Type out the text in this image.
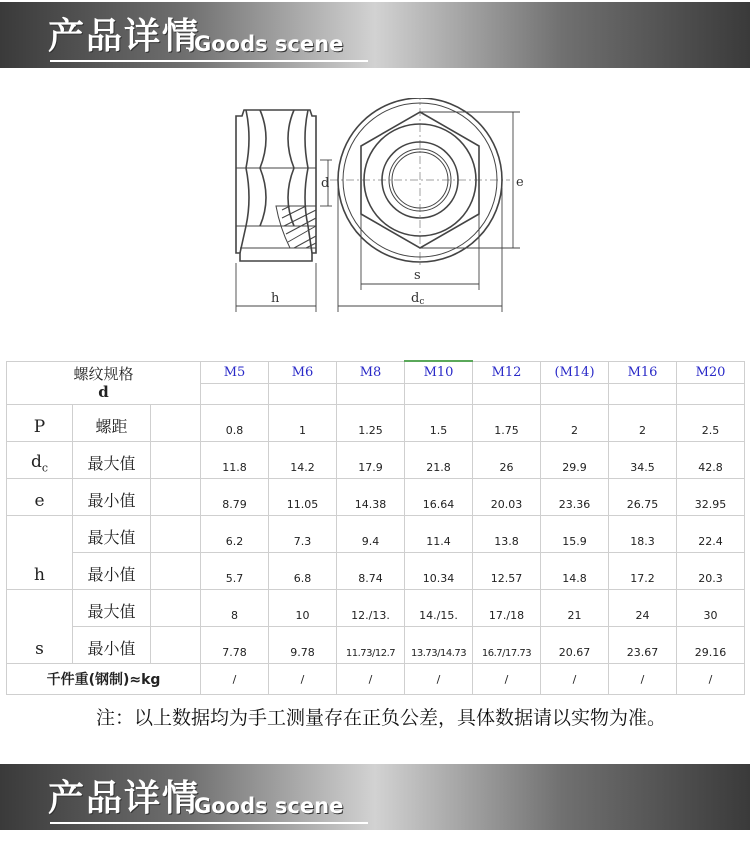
产品详情
Goods scene
d	e
h
s
dc
螺纹规格
d			M5	M6	M8	M10	M12	(M14)	M16	M20

P	螺距		0.8	1	1.25	1.5	1.75	2	2	2.5
$d_c$	最大值		11.8	14.2	17.9	21.8	26	29.9	34.5	42.8
e	最小值		8.79	11.05	14.38	16.64	20.03	23.36	26.75	32.95
h	最大值		6.2	7.3	9.4	11.4	13.8	15.9	18.3	22.4
	最小值		5.7	6.8	8.74	10.34	12.57	14.8	17.2	20.3
s	最大值		8	10	12./13.	14./15.	17./18	21	24	30
	最小值		7.78	9.78	11.73/12.7	13.73/14.73	16.7/17.73	20.67	23.67	29.16
千件重(钢制)≈kg			/	/	/	/	/	/	/	/
注：以上数据均为手工测量存在正负公差，具体数据请以实物为准。
产品详情
Goods scene
